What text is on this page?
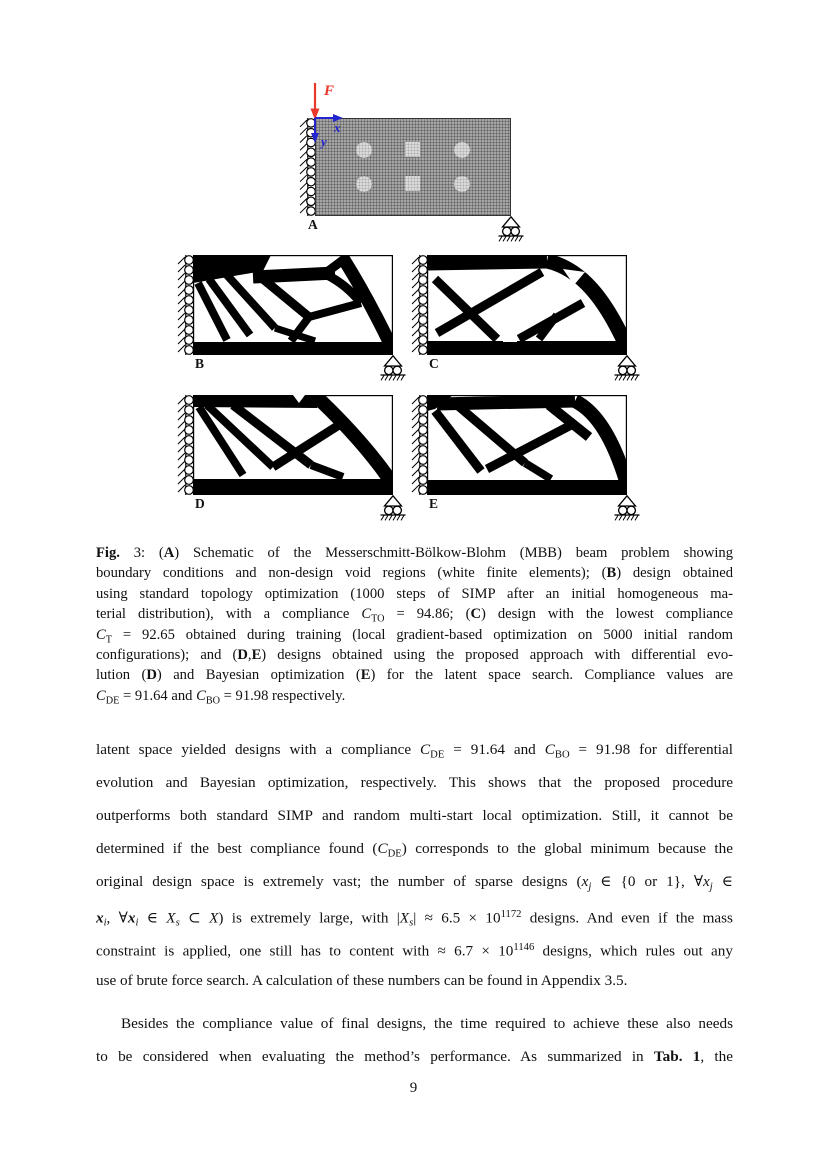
F
x
y
A
B	C
D	E
Fig. 3: (A) Schematic of the Messerschmitt-Bölkow-Blohm (MBB) beam problem showing
boundary conditions and non-design void regions (white finite elements); (B) design obtained
using standard topology optimization (1000 steps of SIMP after an initial homogeneous ma-
terial distribution), with a compliance $C_{TO} = 94.86$; (C) design with the lowest compliance
$C_T = 92.65$ obtained during training (local gradient-based optimization on 5000 initial random
configurations); and (D,E) designs obtained using the proposed approach with differential evo-
lution (D) and Bayesian optimization (E) for the latent space search. Compliance values are
$C_{DE} = 91.64$ and $C_{BO} = 91.98$ respectively.
latent space yielded designs with a compliance $C_{DE} = 91.64$ and $C_{BO} = 91.98$ for differential
evolution and Bayesian optimization, respectively. This shows that the proposed procedure
outperforms both standard SIMP and random multi-start local optimization. Still, it cannot be
determined if the best compliance found $(C_{DE})$ corresponds to the global minimum because the
original design space is extremely vast; the number of sparse designs ($x_j$ ∈ {0 or 1}, $\forall x_j$ ∈
$x_i$, $\forall x_i$ ∈ $X_s$ ⊂ X) is extremely large, with $|X_s| \approx 6.5 \times 10^{1172}$ designs. And even if the mass
constraint is applied, one still has to content with ≈ $6.7 \times 10^{1146}$ designs, which rules out any
use of brute force search. A calculation of these numbers can be found in Appendix 3.5.
Besides the compliance value of final designs, the time required to achieve these also needs
to be considered when evaluating the method’s performance. As summarized in Tab. 1, the
9
